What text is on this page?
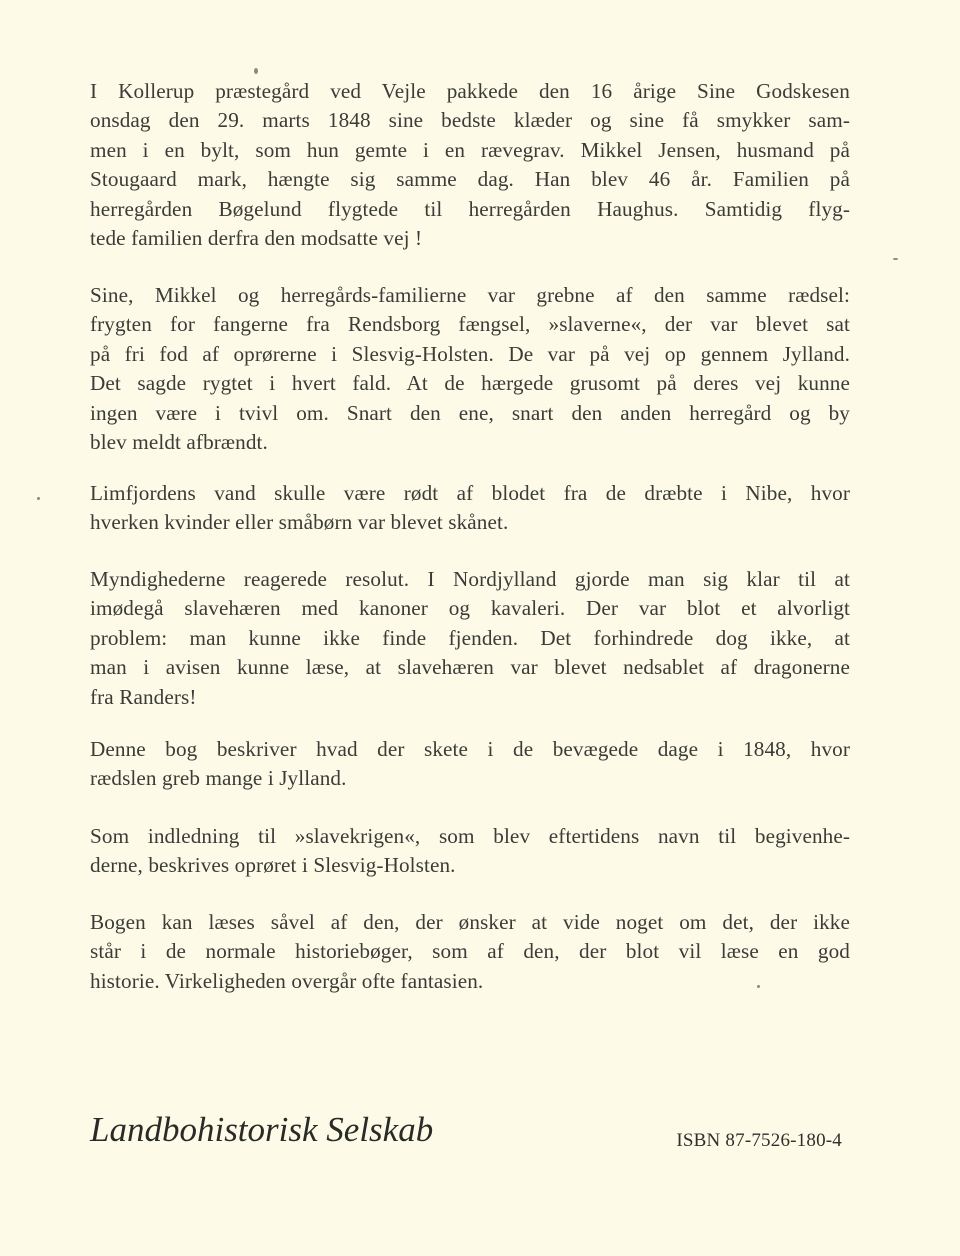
I Kollerup præstegård ved Vejle pakkede den 16 årige Sine Godskesen
onsdag den 29. marts 1848 sine bedste klæder og sine få smykker sam-
men i en bylt, som hun gemte i en rævegrav. Mikkel Jensen, husmand på
Stougaard mark, hængte sig samme dag. Han blev 46 år. Familien på
herregården Bøgelund flygtede til herregården Haughus. Samtidig flyg-
tede familien derfra den modsatte vej !

Sine, Mikkel og herregårds-familierne var grebne af den samme rædsel:
frygten for fangerne fra Rendsborg fængsel, »slaverne«, der var blevet sat
på fri fod af oprørerne i Slesvig-Holsten. De var på vej op gennem Jylland.
Det sagde rygtet i hvert fald. At de hærgede grusomt på deres vej kunne
ingen være i tvivl om. Snart den ene, snart den anden herregård og by
blev meldt afbrændt.

Limfjordens vand skulle være rødt af blodet fra de dræbte i Nibe, hvor
hverken kvinder eller småbørn var blevet skånet.

Myndighederne reagerede resolut. I Nordjylland gjorde man sig klar til at
imødegå slavehæren med kanoner og kavaleri. Der var blot et alvorligt
problem: man kunne ikke finde fjenden. Det forhindrede dog ikke, at
man i avisen kunne læse, at slavehæren var blevet nedsablet af dragonerne
fra Randers!

Denne bog beskriver hvad der skete i de bevægede dage i 1848, hvor
rædslen greb mange i Jylland.

Som indledning til »slavekrigen«, som blev eftertidens navn til begivenhe-
derne, beskrives oprøret i Slesvig-Holsten.

Bogen kan læses såvel af den, der ønsker at vide noget om det, der ikke
står i de normale historiebøger, som af den, der blot vil læse en god
historie. Virkeligheden overgår ofte fantasien.

Landbohistorisk Selskab	ISBN 87-7526-180-4
